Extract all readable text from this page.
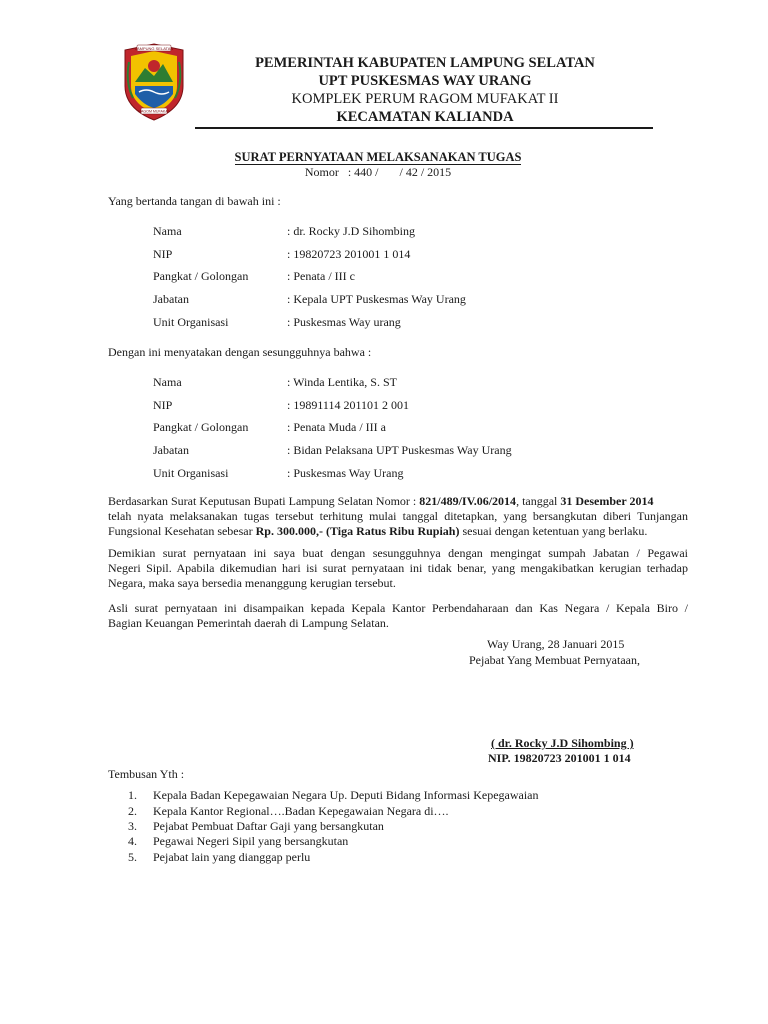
LAMPUNG SELATAN
RAGOM MUFAKAT
PEMERINTAH KABUPATEN LAMPUNG SELATAN
UPT PUSKESMAS WAY URANG
KOMPLEK PERUM RAGOM MUFAKAT II
KECAMATAN KALIANDA
SURAT PERNYATAAN MELAKSANAKAN TUGAS
Nomor   : 440 /       / 42 / 2015
Yang bertanda tangan di bawah ini :
Nama	: dr. Rocky J.D Sihombing
NIP	: 19820723 201001 1 014
Pangkat / Golongan	: Penata / III c
Jabatan	: Kepala UPT Puskesmas Way Urang
Unit Organisasi	: Puskesmas Way urang
Dengan ini menyatakan dengan sesungguhnya bahwa :
Nama	: Winda Lentika, S. ST
NIP	: 19891114 201101 2 001
Pangkat / Golongan	: Penata Muda / III a
Jabatan	: Bidan Pelaksana UPT Puskesmas Way Urang
Unit Organisasi	: Puskesmas Way Urang
Berdasarkan Surat Keputusan Bupati Lampung Selatan Nomor : 821/489/IV.06/2014, tanggal 31 Desember 2014
telah nyata melaksanakan tugas tersebut terhitung mulai tanggal ditetapkan, yang bersangkutan diberi Tunjangan
Fungsional Kesehatan sebesar Rp. 300.000,- (Tiga Ratus Ribu Rupiah) sesuai dengan ketentuan yang berlaku.
Demikian surat pernyataan ini saya buat dengan sesungguhnya dengan mengingat sumpah Jabatan / Pegawai
Negeri Sipil. Apabila dikemudian hari isi surat pernyataan ini tidak benar, yang mengakibatkan kerugian terhadap
Negara, maka saya bersedia menanggung kerugian tersebut.
Asli surat pernyataan ini disampaikan kepada Kepala Kantor Perbendaharaan dan Kas Negara / Kepala Biro /
Bagian Keuangan Pemerintah daerah di Lampung Selatan.
Way Urang, 28 Januari 2015
Pejabat Yang Membuat Pernyataan,
( dr. Rocky J.D Sihombing )
NIP. 19820723 201001 1 014
Tembusan Yth :
1. Kepala Badan Kepegawaian Negara Up. Deputi Bidang Informasi Kepegawaian
2. Kepala Kantor Regional….Badan Kepegawaian Negara di….
3. Pejabat Pembuat Daftar Gaji yang bersangkutan
4. Pegawai Negeri Sipil yang bersangkutan
5. Pejabat lain yang dianggap perlu
